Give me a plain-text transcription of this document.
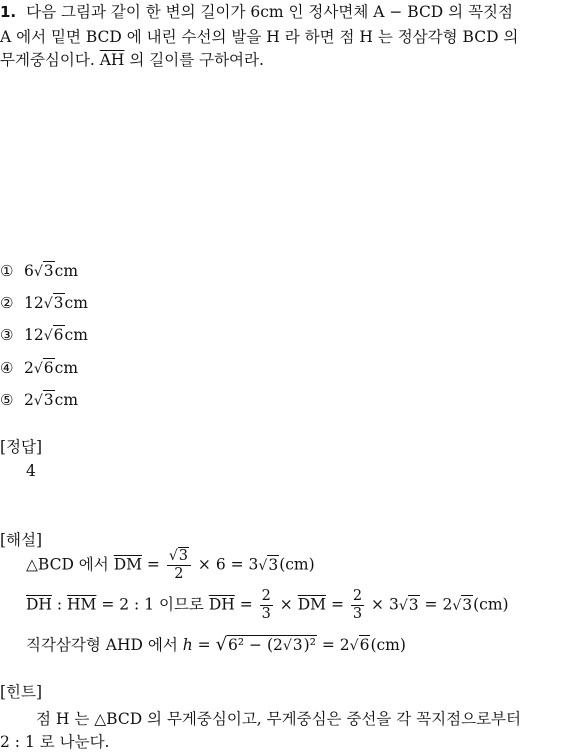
1. 다음 그림과 같이 한 변의 길이가 6cm 인 정사면체 A − BCD 의 꼭짓점
A 에서 밑면 BCD 에 내린 수선의 발을 H 라 하면 점 H 는 정삼각형 BCD 의
무게중심이다. $\overline{AH}$ 의 길이를 구하여라.
① 6√3cm
② 12√3cm
③ 12√6cm
④ 2√6cm
⑤ 2√3cm
[정답]
4
[해설]
△BCD 에서 $\overline{DM} = \frac{√3}{2} \times 6 = 3√3(cm)$
$\overline{DH}$ : $\overline{HM} = 2$ : 1 이므로 $\overline{DH} = \frac{2}{3} \times \overline{DM} = \frac{2}{3} \times 3√3 = 2√3(cm)$
직각삼각형 AHD 에서 h = √6² − (2√3)² = 2√6(cm)
[힌트]
점 H 는 △BCD 의 무게중심이고, 무게중심은 중선을 각 꼭지점으로부터
2 : 1 로 나눈다.
